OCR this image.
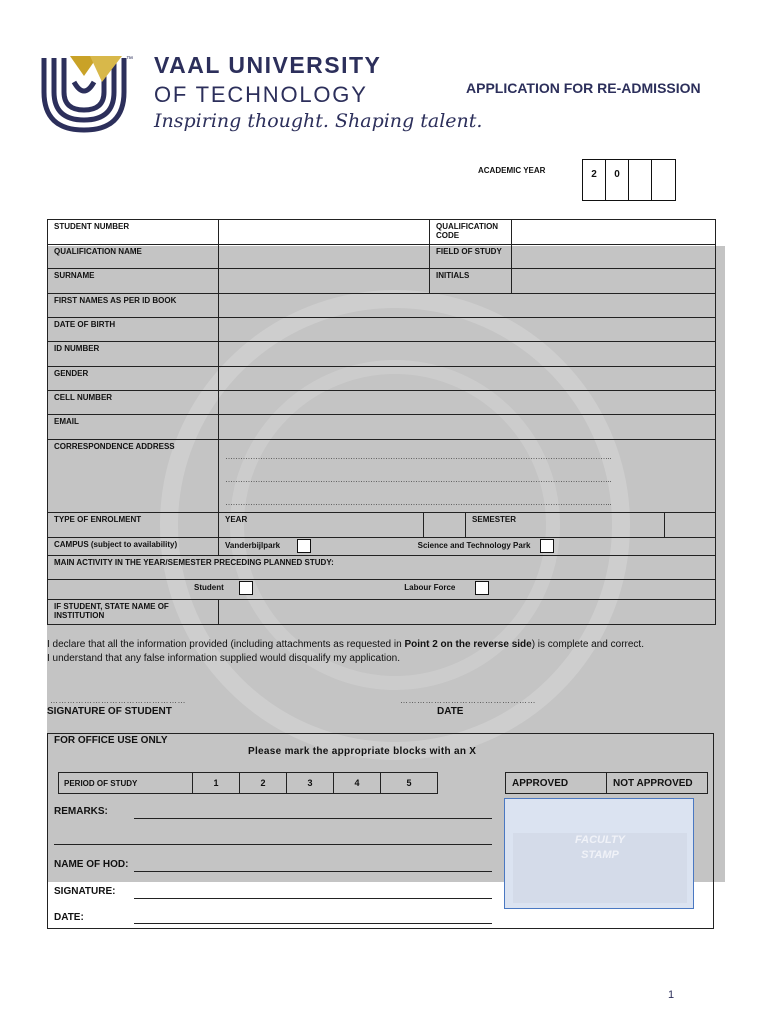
™ VAAL UNIVERSITY
OF TECHNOLOGY
Inspiring thought. Shaping talent.
APPLICATION FOR RE-ADMISSION
ACADEMIC YEAR	2	0
STUDENT NUMBER			QUALIFICATION CODE			
QUALIFICATION NAME			FIELD OF STUDY			
SURNAME			INITIALS			
FIRST NAMES AS PER ID BOOK						
DATE OF BIRTH						
ID NUMBER						
GENDER						
CELL NUMBER						
EMAIL						
CORRESPONDENCE ADDRESS	………………………………………………………………………………………………………………………………………..
………………………………………………………………………………………………………………………………………..
………………………………………………………………………………………………………………………………………..					

TYPE OF ENROLMENT	YEAR			SEMESTER		
CAMPUS (subject to availability)	Vanderbijlpark Science and Technology Park					
MAIN ACTIVITY IN THE YEAR/SEMESTER PRECEDING PLANNED STUDY:						
Student Labour Force						
IF STUDENT, STATE NAME OF INSTITUTION						
I declare that all the information provided (including attachments as requested in Point 2 on the reverse side) is complete and correct.
I understand that any false information supplied would disqualify my application.
…………………………………………	…………………………………………
SIGNATURE OF STUDENT	DATE
FOR OFFICE USE ONLY
Please mark the appropriate blocks with an X
PERIOD OF STUDY	1	2	3	4	5	APPROVED	NOT APPROVED
REMARKS:
NAME OF HOD:
SIGNATURE:
DATE:
FACULTY
STAMP
1
